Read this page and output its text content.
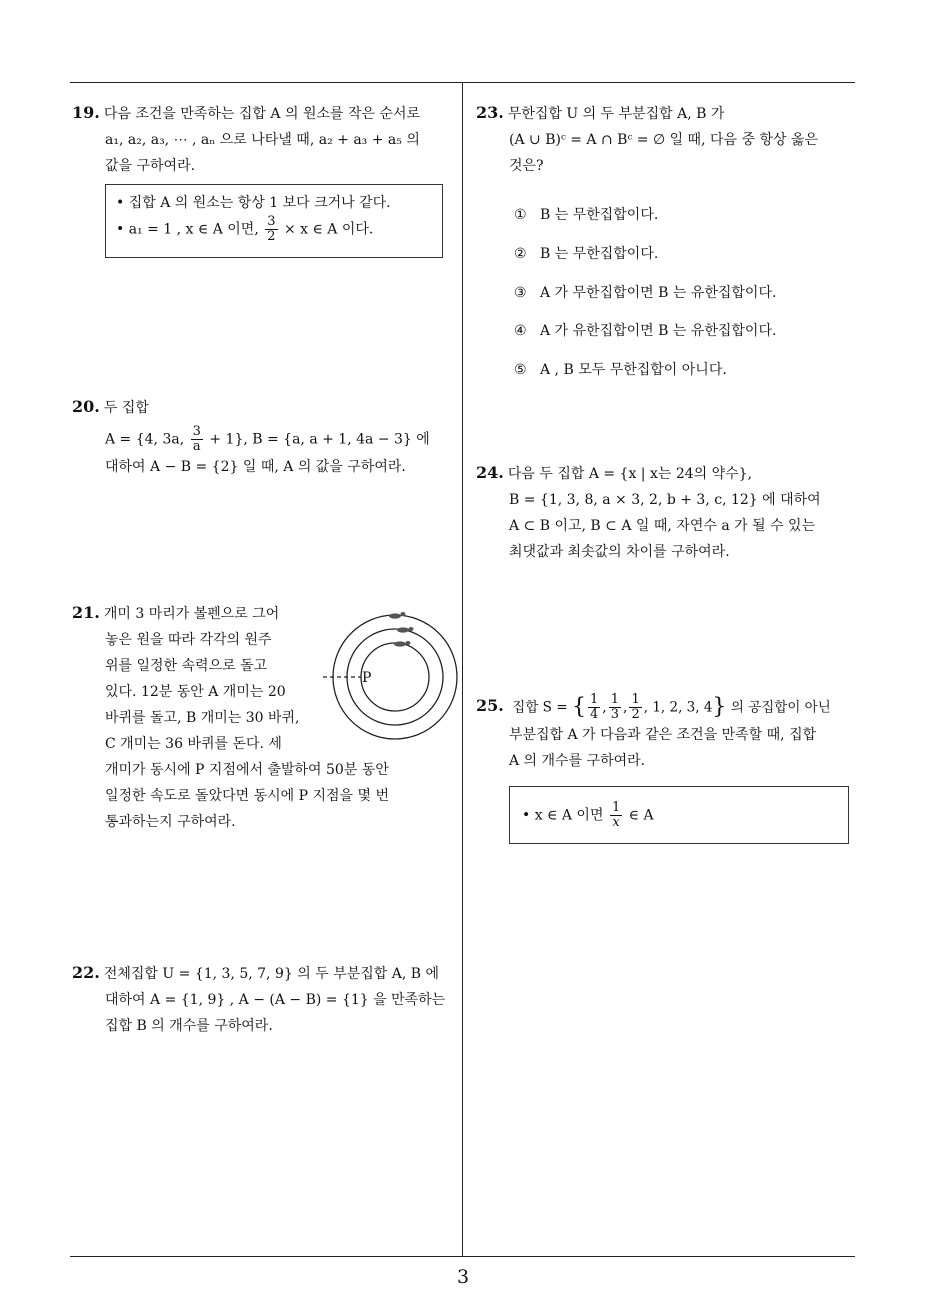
19. 다음 조건을 만족하는 집합 A 의 원소를 작은 순서로
a₁, a₂, a₃, ⋯ , aₙ 으로 나타낼 때, a₂ + a₃ + a₅ 의
값을 구하여라.
• 집합 A 의 원소는 항상 1 보다 크거나 같다.
• a₁ = 1 , x ∈ A 이면, $\frac{3}{2} \times x$ ∈ A 이다.
20. 두 집합
A = {4, 3a, $\frac{3}{a} + 1$}, B = {a, a + 1, 4a − 3} 에
대하여 A − B = {2} 일 때, A 의 값을 구하여라.
21. 개미 3 마리가 볼펜으로 그어
놓은 원을 따라 각각의 원주
위를 일정한 속력으로 돌고
있다. 12분 동안 A 개미는 20
바퀴를 돌고, B 개미는 30 바퀴,
C 개미는 36 바퀴를 돈다. 세
개미가 동시에 P 지점에서 출발하여 50분 동안
일정한 속도로 돌았다면 동시에 P 지점을 몇 번
통과하는지 구하여라.
P
22. 전체집합 U = {1, 3, 5, 7, 9} 의 두 부분집합 A, B 에
대하여 A = {1, 9} , A − (A − B) = {1} 을 만족하는
집합 B 의 개수를 구하여라.
23. 무한집합 U 의 두 부분집합 A, B 가
(A ∪ B)ᶜ = A ∩ Bᶜ = ∅ 일 때, 다음 중 항상 옳은
것은?
① B 는 무한집합이다.
② B 는 무한집합이다.
③ A 가 무한집합이면 B 는 유한집합이다.
④ A 가 유한집합이면 B 는 유한집합이다.
⑤ A , B 모두 무한집합이 아니다.
24. 다음 두 집합 A = {x | x는 24의 약수},
B = {1, 3, 8, a × 3, 2, b + 3, c, 12} 에 대하여
A ⊂ B 이고, B ⊂ A 일 때, 자연수 a 가 될 수 있는
최댓값과 최솟값의 차이를 구하여라.
25. 집합 S = { $\frac{1}{4}$ , $\frac{1}{3}$ , $\frac{1}{2}$ , 1, 2, 3, 4} 의 공집합이 아닌
부분집합 A 가 다음과 같은 조건을 만족할 때, 집합
A 의 개수를 구하여라.
• x ∈ A 이면 $\frac{1}{x}$ ∈ A
3
